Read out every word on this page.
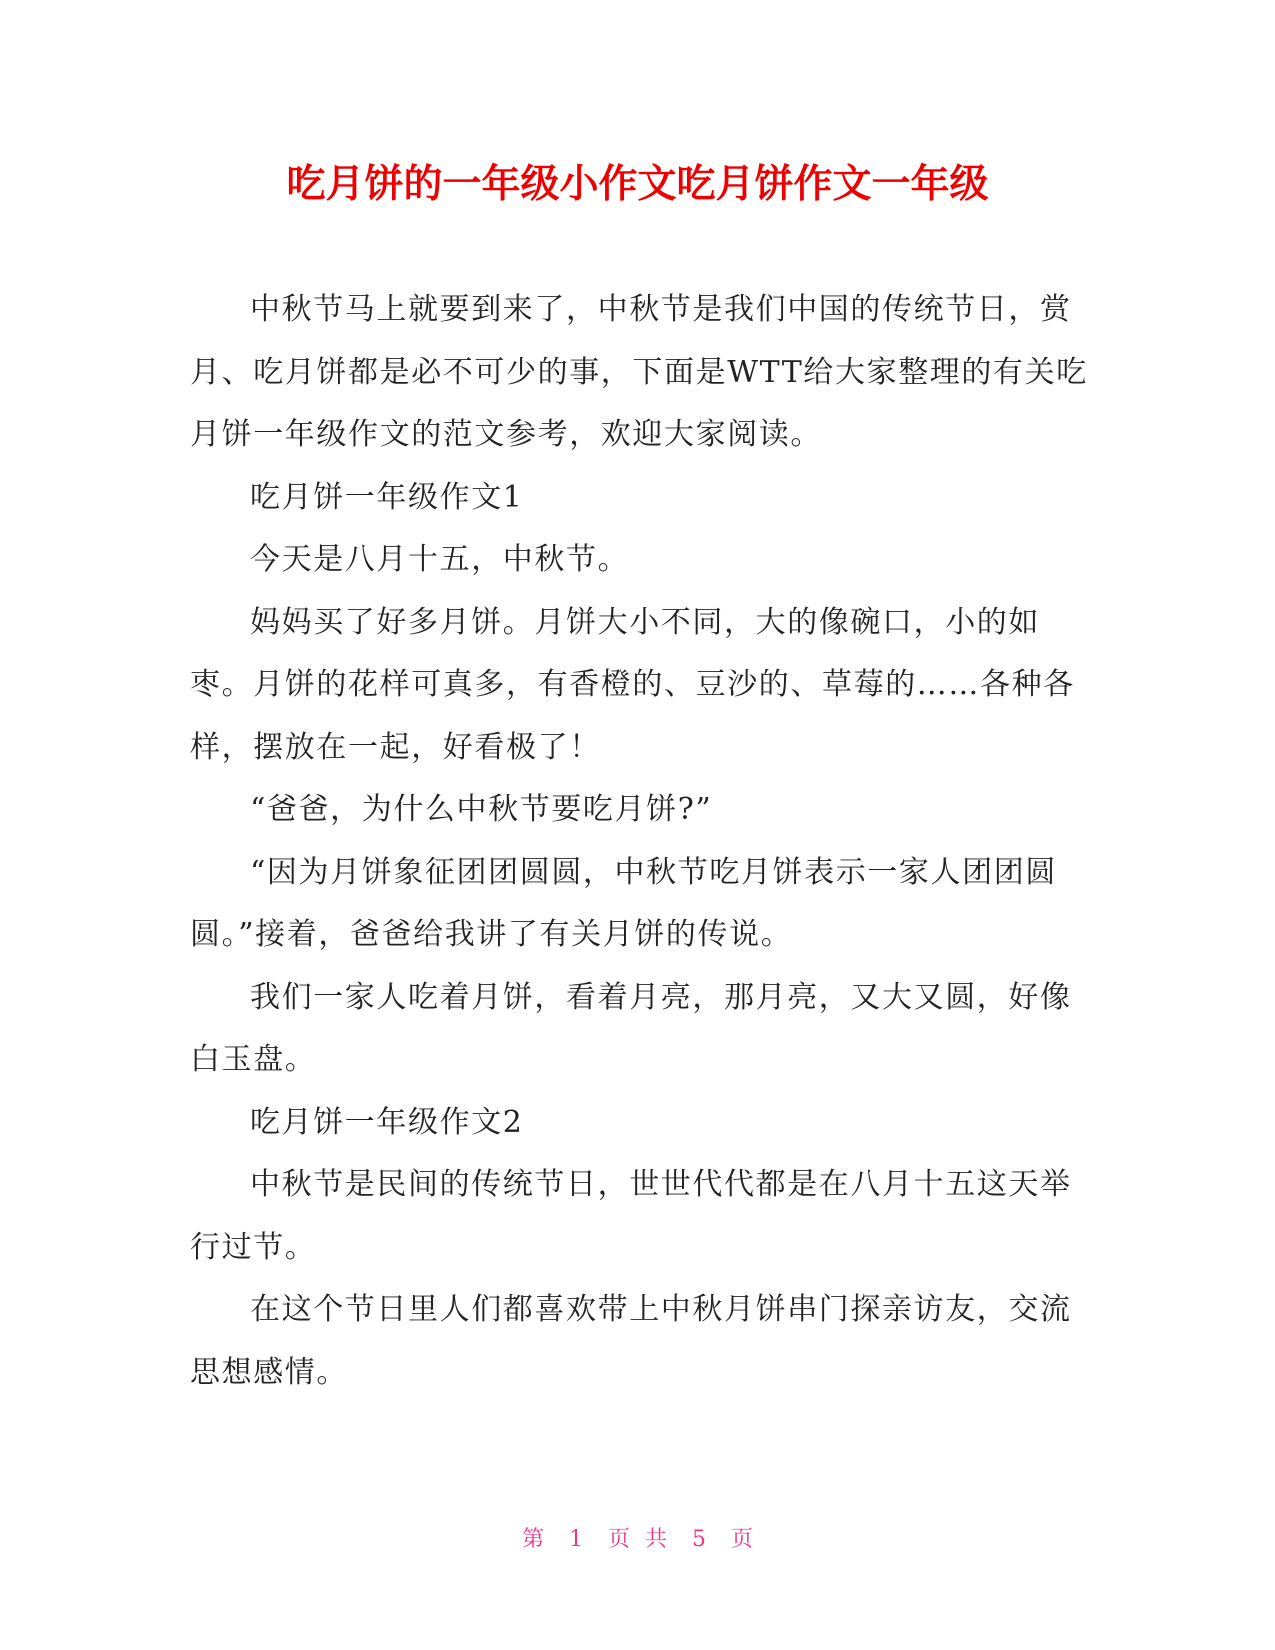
吃月饼的一年级小作文吃月饼作文一年级

中秋节马上就要到来了，中秋节是我们中国的传统节日，赏月、吃月饼都是必不可少的事，下面是WTT给大家整理的有关吃月饼一年级作文的范文参考，欢迎大家阅读。

吃月饼一年级作文1

今天是八月十五，中秋节。

妈妈买了好多月饼。月饼大小不同，大的像碗口，小的如枣。月饼的花样可真多，有香橙的、豆沙的、草莓的……各种各样，摆放在一起，好看极了！

“爸爸，为什么中秋节要吃月饼?”

“因为月饼象征团团圆圆，中秋节吃月饼表示一家人团团圆圆。”接着，爸爸给我讲了有关月饼的传说。

我们一家人吃着月饼，看着月亮，那月亮，又大又圆，好像白玉盘。

吃月饼一年级作文2

中秋节是民间的传统节日，世世代代都是在八月十五这天举行过节。

在这个节日里人们都喜欢带上中秋月饼串门探亲访友，交流思想感情。

第 1 页 共 5 页
